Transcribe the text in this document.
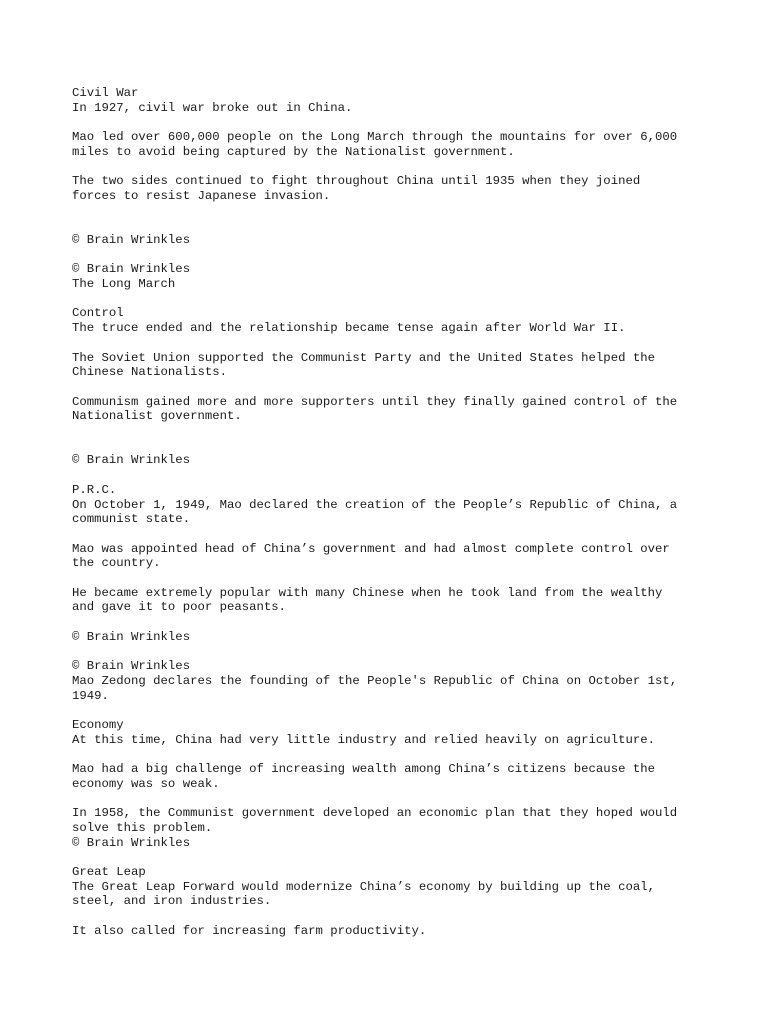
Civil War
In 1927, civil war broke out in China.
Mao led over 600,000 people on the Long March through the mountains for over 6,000
miles to avoid being captured by the Nationalist government.
The two sides continued to fight throughout China until 1935 when they joined
forces to resist Japanese invasion.
© Brain Wrinkles
© Brain Wrinkles
The Long March
Control
The truce ended and the relationship became tense again after World War II.
The Soviet Union supported the Communist Party and the United States helped the
Chinese Nationalists.
Communism gained more and more supporters until they finally gained control of the
Nationalist government.
© Brain Wrinkles
P.R.C.
On October 1, 1949, Mao declared the creation of the People’s Republic of China, a
communist state.
Mao was appointed head of China’s government and had almost complete control over
the country.
He became extremely popular with many Chinese when he took land from the wealthy
and gave it to poor peasants.
© Brain Wrinkles
© Brain Wrinkles
Mao Zedong declares the founding of the People's Republic of China on October 1st,
1949.
Economy
At this time, China had very little industry and relied heavily on agriculture.
Mao had a big challenge of increasing wealth among China’s citizens because the
economy was so weak.
In 1958, the Communist government developed an economic plan that they hoped would
solve this problem.
© Brain Wrinkles
Great Leap
The Great Leap Forward would modernize China’s economy by building up the coal,
steel, and iron industries.
It also called for increasing farm productivity.
